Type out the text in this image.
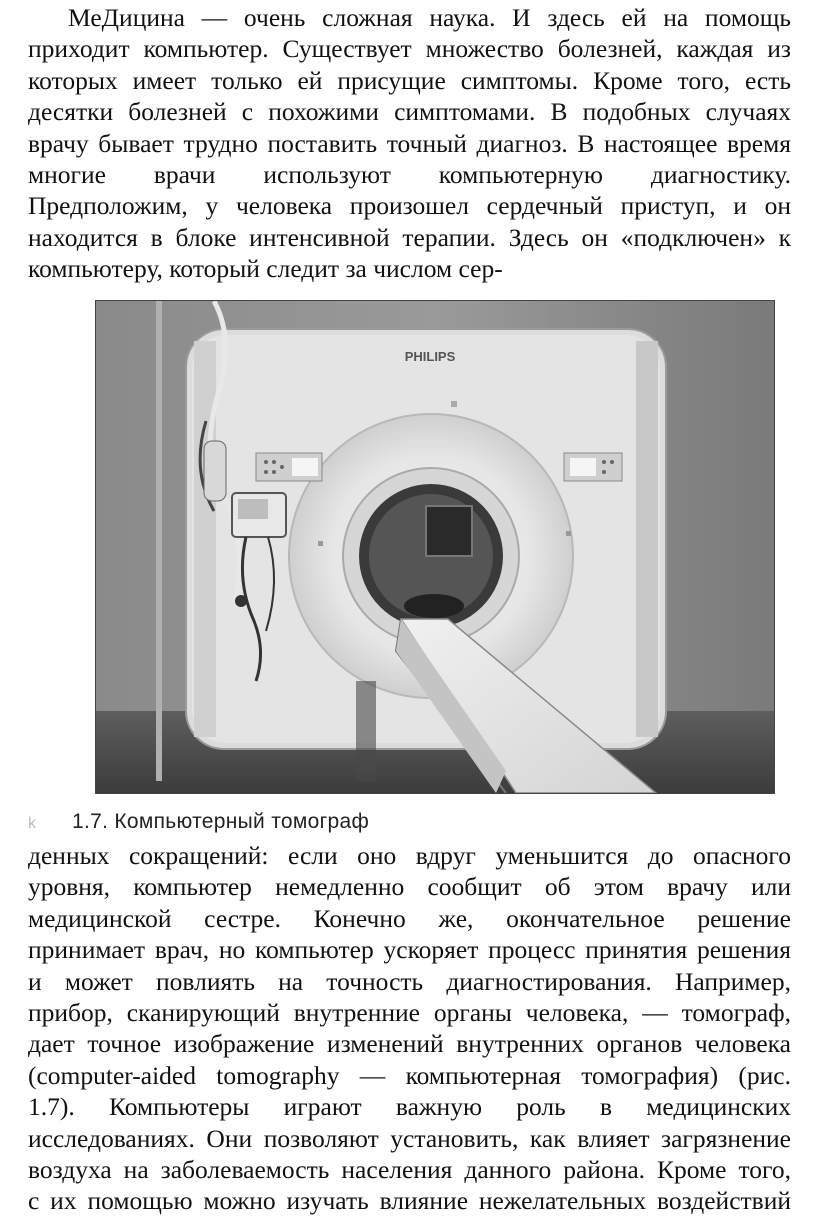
МеДицина — очень сложная наука. И здесь ей на помощь
приходит компьютер. Существует множество болезней, каждая из
которых имеет только ей присущие симптомы. Кроме того, есть
десятки болезней с похожими симптомами. В подобных случаях
врачу бывает трудно поставить точный диагноз. В настоящее время
многие врачи используют компьютерную диагностику.
Предположим, у человека произошел сердечный приступ, и он
находится в блоке интенсивной терапии. Здесь он «подключен» к
компьютеру, который следит за числом сер-
PHILIPS
k 1.7. Компьютерный томограф
денных сокращений: если оно вдруг уменьшится до опасного
уровня, компьютер немедленно сообщит об этом врачу или
медицинской сестре. Конечно же, окончательное решение
принимает врач, но компьютер ускоряет процесс принятия решения
и может повлиять на точность диагностирования. Например,
прибор, сканирующий внутренние органы человека, — томограф,
дает точное изображение изменений внутренних органов человека
(computer-aided tomography — компьютерная томография) (рис.
1.7). Компьютеры играют важную роль в медицинских
исследованиях. Они позволяют установить, как влияет загрязнение
воздуха на заболеваемость населения данного района. Кроме того,
с их помощью можно изучать влияние нежелательных воздействий
